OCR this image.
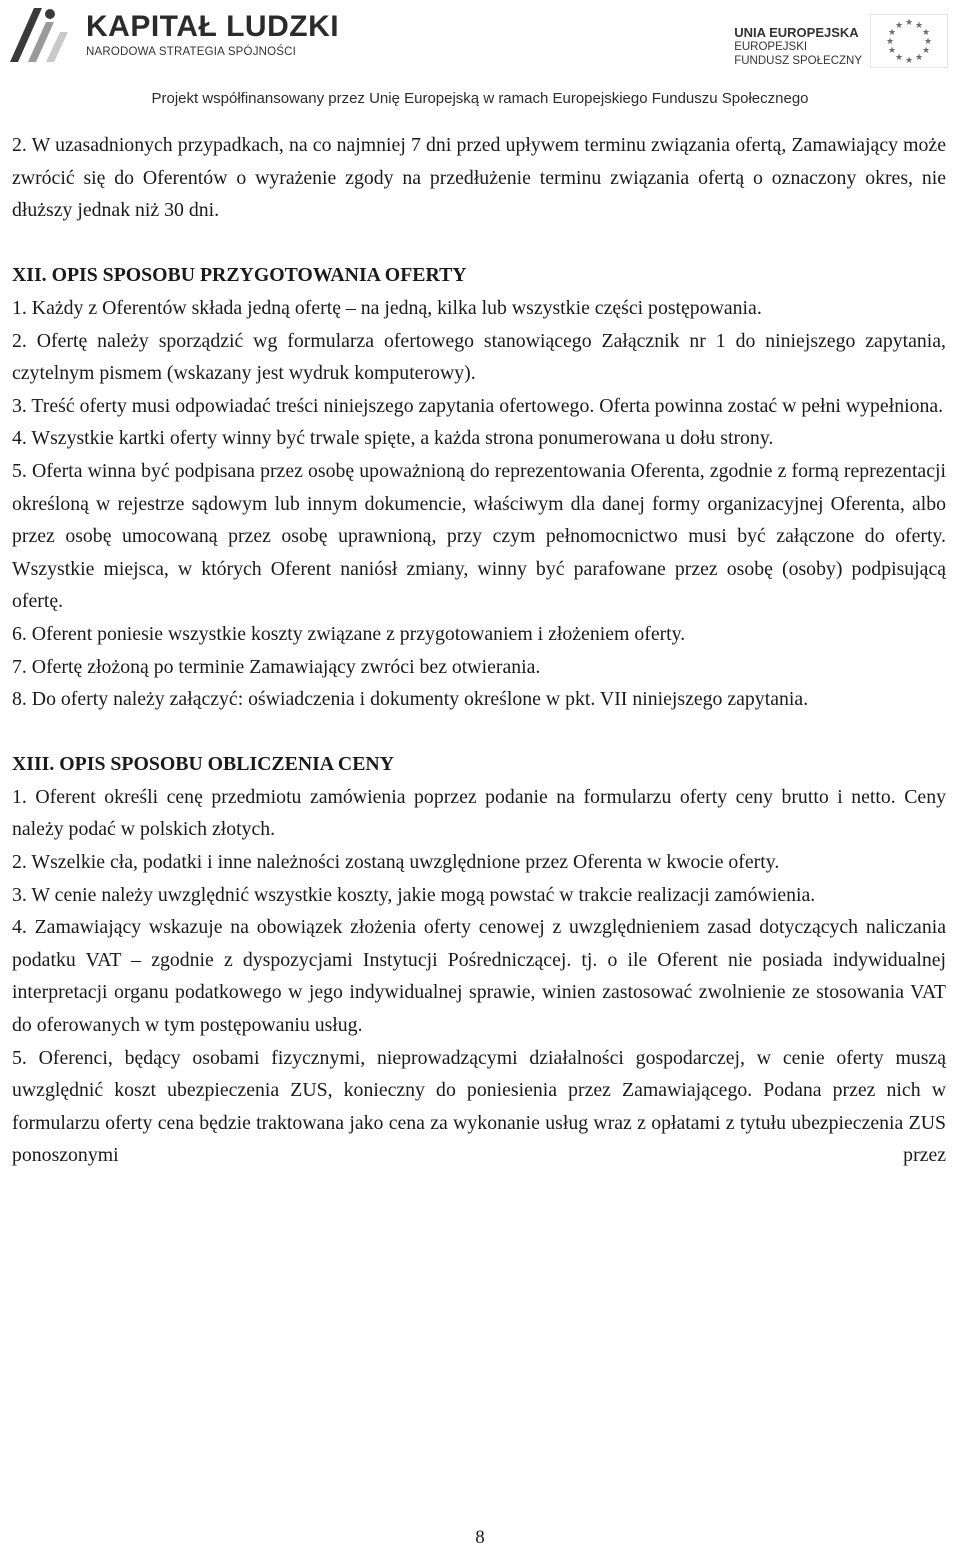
KAPITAŁ LUDZKI
NARODOWA STRATEGIA SPÓJNOŚCI
UNIA EUROPEJSKA
EUROPEJSKI
FUNDUSZ SPOŁECZNY
★ ★
★
★
★
★
★
★
★
★
★
★
Projekt współfinansowany przez Unię Europejską w ramach Europejskiego Funduszu Społecznego

2. W uzasadnionych przypadkach, na co najmniej 7 dni przed upływem terminu związania ofertą, Zamawiający może zwrócić się do Oferentów o wyrażenie zgody na przedłużenie terminu związania ofertą o oznaczony okres, nie dłuższy jednak niż 30 dni.

XII. OPIS SPOSOBU PRZYGOTOWANIA OFERTY

1. Każdy z Oferentów składa jedną ofertę – na jedną, kilka lub wszystkie części postępowania.

2. Ofertę należy sporządzić wg formularza ofertowego stanowiącego Załącznik nr 1 do niniejszego zapytania, czytelnym pismem (wskazany jest wydruk komputerowy).

3. Treść oferty musi odpowiadać treści niniejszego zapytania ofertowego. Oferta powinna zostać w pełni wypełniona.

4. Wszystkie kartki oferty winny być trwale spięte, a każda strona ponumerowana u dołu strony.

5. Oferta winna być podpisana przez osobę upoważnioną do reprezentowania Oferenta, zgodnie z formą reprezentacji określoną w rejestrze sądowym lub innym dokumencie, właściwym dla danej formy organizacyjnej Oferenta, albo przez osobę umocowaną przez osobę uprawnioną, przy czym pełnomocnictwo musi być załączone do oferty. Wszystkie miejsca, w których Oferent naniósł zmiany, winny być parafowane przez osobę (osoby) podpisującą ofertę.

6. Oferent poniesie wszystkie koszty związane z przygotowaniem i złożeniem oferty.

7. Ofertę złożoną po terminie Zamawiający zwróci bez otwierania.

8. Do oferty należy załączyć: oświadczenia i dokumenty określone w pkt. VII niniejszego zapytania.

XIII. OPIS SPOSOBU OBLICZENIA CENY

1. Oferent określi cenę przedmiotu zamówienia poprzez podanie na formularzu oferty ceny brutto i netto. Ceny należy podać w polskich złotych.

2. Wszelkie cła, podatki i inne należności zostaną uwzględnione przez Oferenta w kwocie oferty.

3. W cenie należy uwzględnić wszystkie koszty, jakie mogą powstać w trakcie realizacji zamówienia.

4. Zamawiający wskazuje na obowiązek złożenia oferty cenowej z uwzględnieniem zasad dotyczących naliczania podatku VAT – zgodnie z dyspozycjami Instytucji Pośredniczącej. tj. o ile Oferent nie posiada indywidualnej interpretacji organu podatkowego w jego indywidualnej sprawie, winien zastosować zwolnienie ze stosowania VAT do oferowanych w tym postępowaniu usług.

5. Oferenci, będący osobami fizycznymi, nieprowadzącymi działalności gospodarczej, w cenie oferty muszą uwzględnić koszt ubezpieczenia ZUS, konieczny do poniesienia przez Zamawiającego. Podana przez nich w formularzu oferty cena będzie traktowana jako cena za wykonanie usług wraz z opłatami z tytułu ubezpieczenia ZUS ponoszonymi przez

8
